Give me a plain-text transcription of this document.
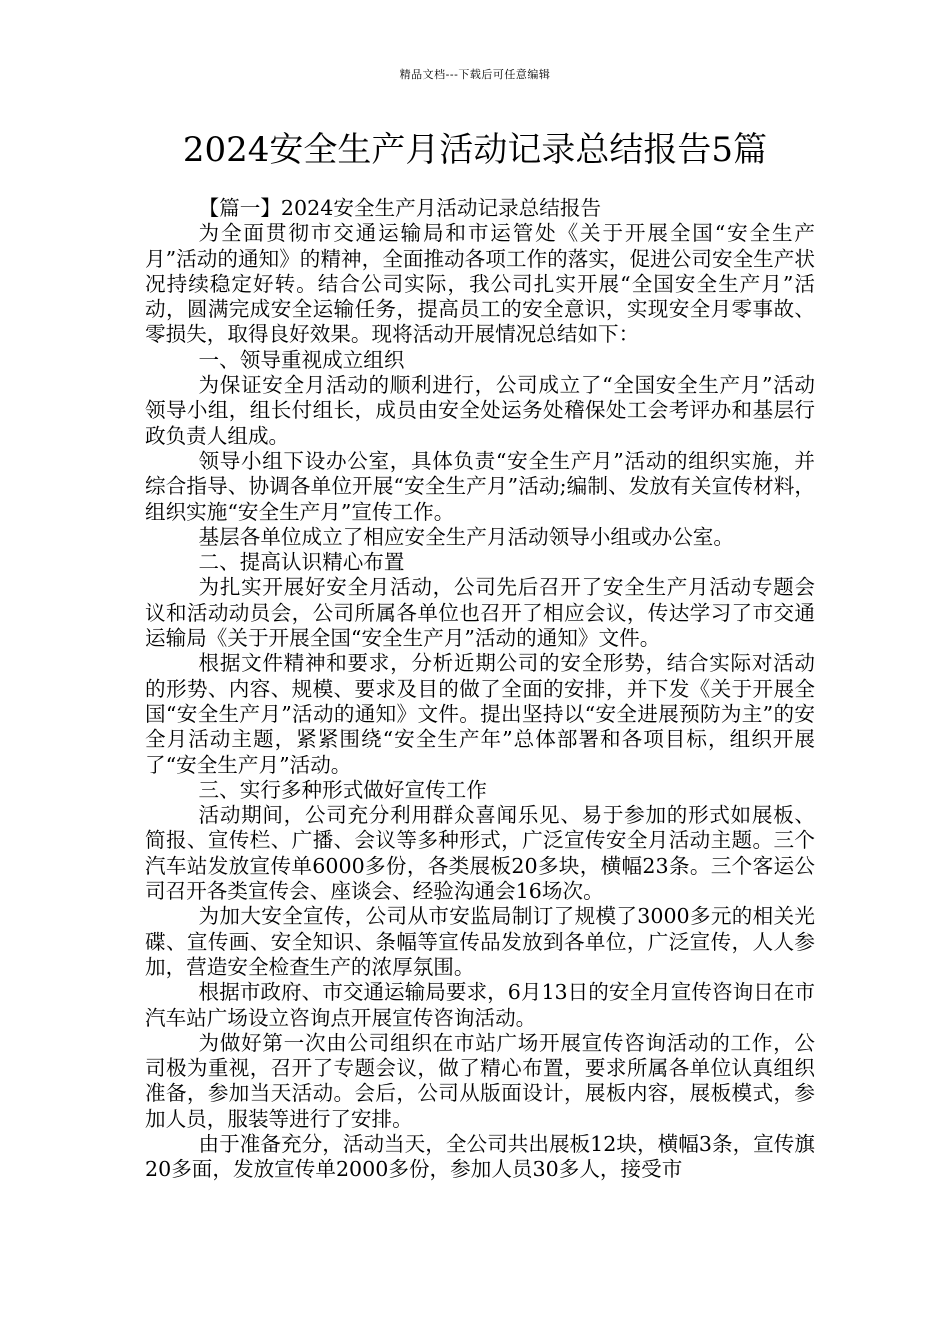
精品文档---下载后可任意编辑
2024安全生产月活动记录总结报告5篇

【篇一】2024安全生产月活动记录总结报告

为全面贯彻市交通运输局和市运管处《关于开展全国“安全生产月”活动的通知》的精神，全面推动各项工作的落实，促进公司安全生产状况持续稳定好转。结合公司实际，我公司扎实开展“全国安全生产月”活动，圆满完成安全运输任务，提高员工的安全意识，实现安全月零事故、零损失，取得良好效果。现将活动开展情况总结如下：

一、领导重视成立组织

为保证安全月活动的顺利进行，公司成立了“全国安全生产月”活动领导小组，组长付组长，成员由安全处运务处稽保处工会考评办和基层行政负责人组成。

领导小组下设办公室，具体负责“安全生产月”活动的组织实施，并综合指导、协调各单位开展“安全生产月”活动;编制、发放有关宣传材料，组织实施“安全生产月”宣传工作。

基层各单位成立了相应安全生产月活动领导小组或办公室。

二、提高认识精心布置

为扎实开展好安全月活动，公司先后召开了安全生产月活动专题会议和活动动员会，公司所属各单位也召开了相应会议，传达学习了市交通运输局《关于开展全国“安全生产月”活动的通知》文件。

根据文件精神和要求，分析近期公司的安全形势，结合实际对活动的形势、内容、规模、要求及目的做了全面的安排，并下发《关于开展全国“安全生产月”活动的通知》文件。提出坚持以“安全进展预防为主”的安全月活动主题，紧紧围绕“安全生产年”总体部署和各项目标，组织开展了“安全生产月”活动。

三、实行多种形式做好宣传工作

活动期间，公司充分利用群众喜闻乐见、易于参加的形式如展板、简报、宣传栏、广播、会议等多种形式，广泛宣传安全月活动主题。三个汽车站发放宣传单6000多份，各类展板20多块，横幅23条。三个客运公司召开各类宣传会、座谈会、经验沟通会16场次。

为加大安全宣传，公司从市安监局制订了规模了3000多元的相关光碟、宣传画、安全知识、条幅等宣传品发放到各单位，广泛宣传，人人参加，营造安全检查生产的浓厚氛围。

根据市政府、市交通运输局要求，6月13日的安全月宣传咨询日在市汽车站广场设立咨询点开展宣传咨询活动。

为做好第一次由公司组织在市站广场开展宣传咨询活动的工作，公司极为重视，召开了专题会议，做了精心布置，要求所属各单位认真组织准备，参加当天活动。会后，公司从版面设计，展板内容，展板模式，参加人员，服装等进行了安排。

由于准备充分，活动当天，全公司共出展板12块，横幅3条，宣传旗20多面，发放宣传单2000多份，参加人员30多人，接受市
